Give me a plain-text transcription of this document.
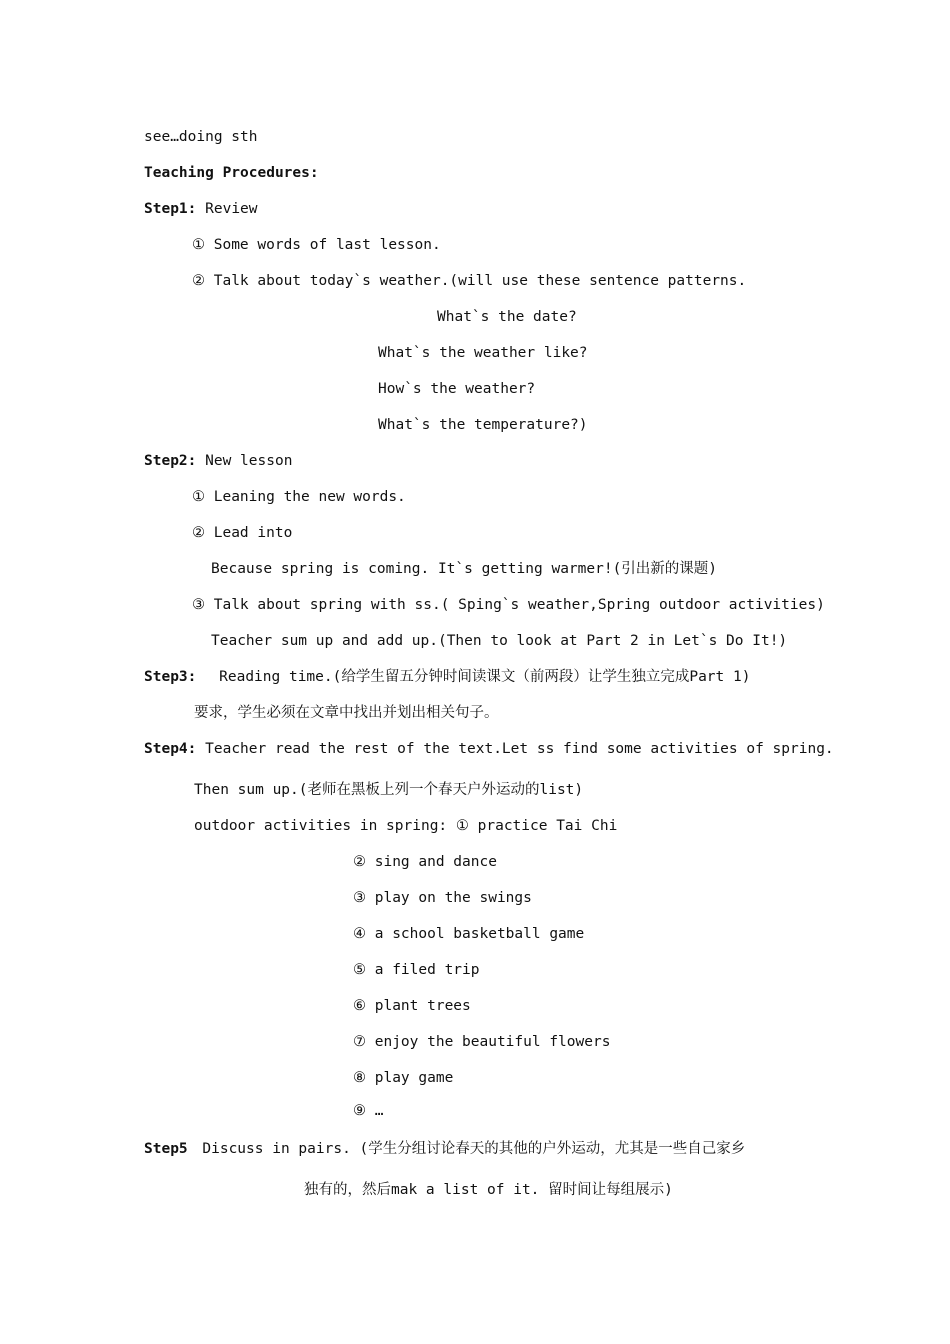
see…doing sth
Teaching Procedures:
Step1: Review
① Some words of last lesson.
② Talk about today`s weather.(will use these sentence patterns.
What`s the date?
What`s the weather like?
How`s the weather?
What`s the temperature?)
Step2: New lesson
① Leaning the new words.
② Lead into
Because spring is coming. It`s getting warmer!(引出新的课题)
③ Talk about spring with ss.( Sping`s weather,Spring outdoor activities)
Teacher sum up and add up.(Then to look at Part 2 in Let`s Do It!)
Step3: Reading time.(给学生留五分钟时间读课文（前两段）让学生独立完成Part 1)
要求，学生必须在文章中找出并划出相关句子。
Step4: Teacher read the rest of the text.Let ss find some activities of spring.
Then sum up.(老师在黑板上列一个春天户外运动的list)
outdoor activities in spring: ① practice Tai Chi
② sing and dance
③ play on the swings
④ a school basketball game
⑤ a filed trip
⑥ plant trees
⑦ enjoy the beautiful flowers
⑧ play game
⑨ …
Step5 Discuss in pairs. (学生分组讨论春天的其他的户外运动，尤其是一些自己家乡
独有的，然后mak a list of it. 留时间让每组展示)
